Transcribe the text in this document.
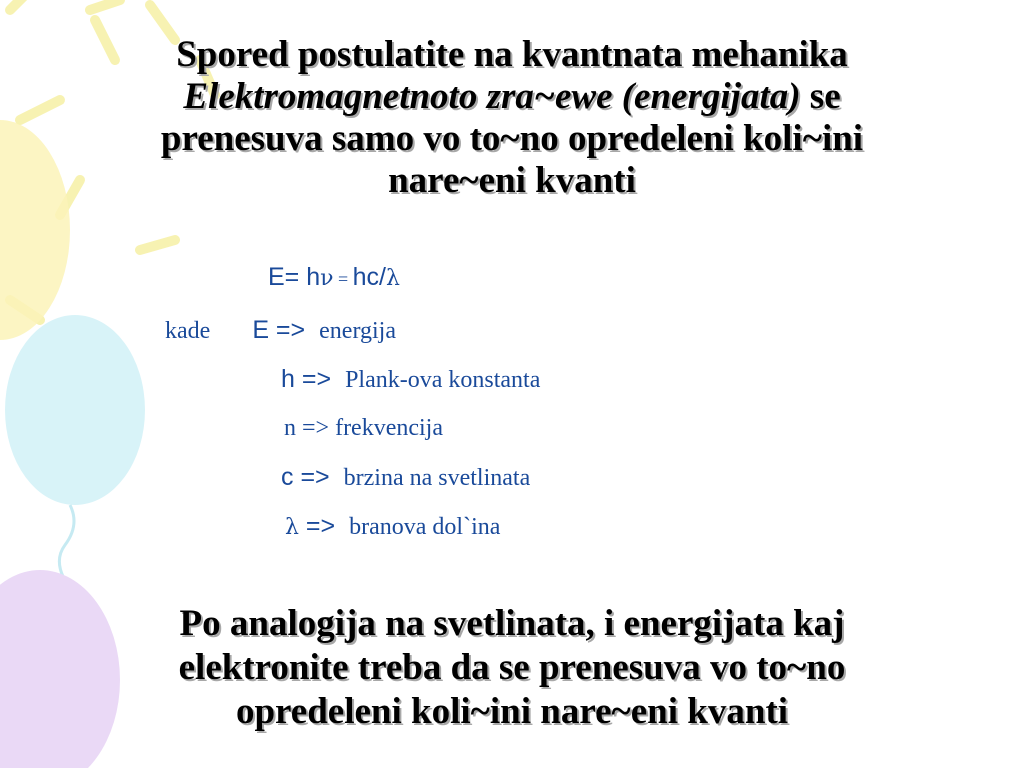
Spored postulatite na kvantnata mehanika
Elektromagnetnoto zra~ewe (energijata) se
prenesuva samo vo to~no opredeleni koli~ini
nare~eni kvanti
E= hν = hc/λ
kade E => energija
h => Plank-ova konstanta
n => frekvencija
c => brzina na svetlinata
λ => branova dol`ina
Po analogija na svetlinata, i energijata kaj
elektronite treba da se prenesuva vo to~no
opredeleni koli~ini nare~eni kvanti
